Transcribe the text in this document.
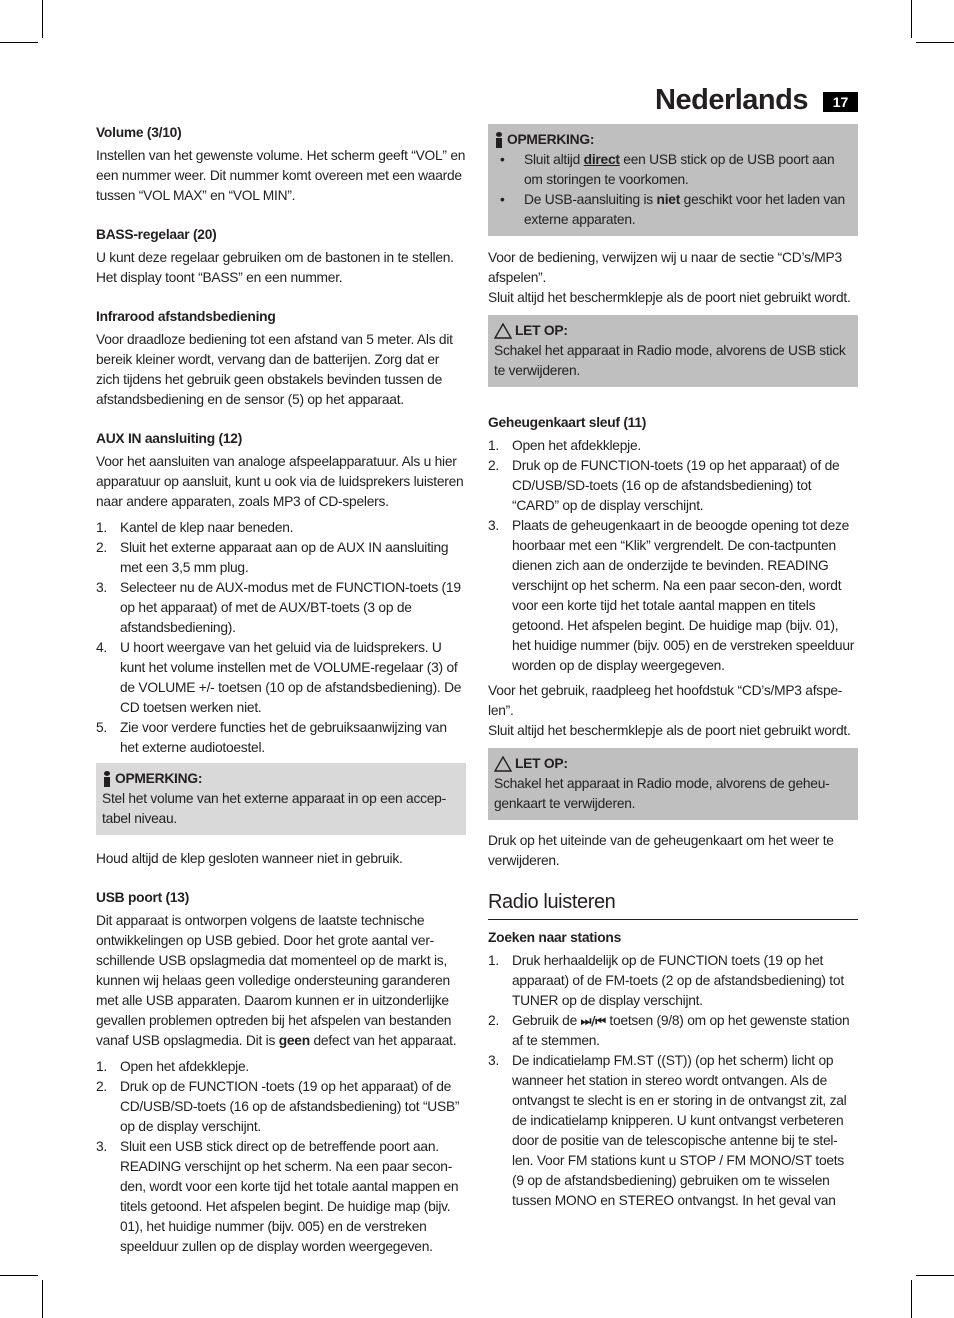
Nederlands	17
Volume (3/10)

Instellen van het gewenste volume. Het scherm geeft “VOL” en een nummer weer. Dit nummer komt overeen met een waarde tussen “VOL MAX” en “VOL MIN”.

BASS-regelaar (20)

U kunt deze regelaar gebruiken om de bastonen in te stellen. Het display toont “BASS” en een nummer.

Infrarood afstandsbediening

Voor draadloze bediening tot een afstand van 5 meter. Als dit bereik kleiner wordt, vervang dan de batterijen. Zorg dat er zich tijdens het gebruik geen obstakels bevinden tussen de afstandsbediening en de sensor (5) op het apparaat.

AUX IN aansluiting (12)

Voor het aansluiten van analoge afspeelapparatuur. Als u hier apparatuur op aansluit, kunt u ook via de luidsprekers luisteren naar andere apparaten, zoals MP3 of CD-spelers.

1. Kantel de klep naar beneden.
2. Sluit het externe apparaat aan op de AUX IN aansluiting met een 3,5 mm plug.
3. Selecteer nu de AUX-modus met de FUNCTION-toets (19 op het apparaat) of met de AUX/BT-toets (3 op de afstandsbediening).
4. U hoort weergave van het geluid via de luidsprekers. U kunt het volume instellen met de VOLUME-regelaar (3) of de VOLUME +/- toetsen (10 op de afstandsbediening). De CD toetsen werken niet.
5. Zie voor verdere functies het de gebruiksaanwijzing van het externe audiotoestel.
OPMERKING:

Stel het volume van het externe apparaat in op een accep-tabel niveau.

Houd altijd de klep gesloten wanneer niet in gebruik.

USB poort (13)

Dit apparaat is ontworpen volgens de laatste technische ontwikkelingen op USB gebied. Door het grote aantal ver-schillende USB opslagmedia dat momenteel op de markt is, kunnen wij helaas geen volledige ondersteuning garanderen met alle USB apparaten. Daarom kunnen er in uitzonderlijke gevallen problemen optreden bij het afspelen van bestanden vanaf USB opslagmedia. Dit is geen defect van het apparaat.

1. Open het afdekklepje.
2. Druk op de FUNCTION -toets (19 op het apparaat) of de CD/USB/SD-toets (16 op de afstandsbediening) tot “USB” op de display verschijnt.
3. Sluit een USB stick direct op de betreffende poort aan. READING verschijnt op het scherm. Na een paar secon-den, wordt voor een korte tijd het totale aantal mappen en titels getoond. Het afspelen begint. De huidige map (bijv. 01), het huidige nummer (bijv. 005) en de verstreken speelduur zullen op de display worden weergegeven.
OPMERKING:
• Sluit altijd direct een USB stick op de USB poort aan om storingen te voorkomen.
• De USB-aansluiting is niet geschikt voor het laden van externe apparaten.

Voor de bediening, verwijzen wij u naar de sectie “CD’s/MP3 afspelen”.

Sluit altijd het beschermklepje als de poort niet gebruikt wordt.

LET OP:

Schakel het apparaat in Radio mode, alvorens de USB stick te verwijderen.

Geheugenkaart sleuf (11)
1. Open het afdekklepje.
2. Druk op de FUNCTION-toets (19 op het apparaat) of de CD/USB/SD-toets (16 op de afstandsbediening) tot “CARD” op de display verschijnt.
3. Plaats de geheugenkaart in de beoogde opening tot deze hoorbaar met een “Klik” vergrendelt. De con-tactpunten dienen zich aan de onderzijde te bevinden. READING verschijnt op het scherm. Na een paar secon-den, wordt voor een korte tijd het totale aantal mappen en titels getoond. Het afspelen begint. De huidige map (bijv. 01), het huidige nummer (bijv. 005) en de verstreken speelduur worden op de display weergegeven.

Voor het gebruik, raadpleeg het hoofdstuk “CD’s/MP3 afspe-len”.

Sluit altijd het beschermklepje als de poort niet gebruikt wordt.

LET OP:

Schakel het apparaat in Radio mode, alvorens de geheu-genkaart te verwijderen.

Druk op het uiteinde van de geheugenkaart om het weer te verwijderen.

Radio luisteren
Zoeken naar stations
1. Druk herhaaldelijk op de FUNCTION toets (19 op het apparaat) of de FM-toets (2 op de afstandsbediening) tot TUNER op de display verschijnt.
2. Gebruik de ⏭/⏮ toetsen (9/8) om op het gewenste station af te stemmen.
3. De indicatielamp FM.ST ((ST)) (op het scherm) licht op wanneer het station in stereo wordt ontvangen. Als de ontvangst te slecht is en er storing in de ontvangst zit, zal de indicatielamp knipperen. U kunt ontvangst verbeteren door de positie van de telescopische antenne bij te stel-len. Voor FM stations kunt u STOP / FM MONO/ST toets (9 op de afstandsbediening) gebruiken om te wisselen tussen MONO en STEREO ontvangst. In het geval van
